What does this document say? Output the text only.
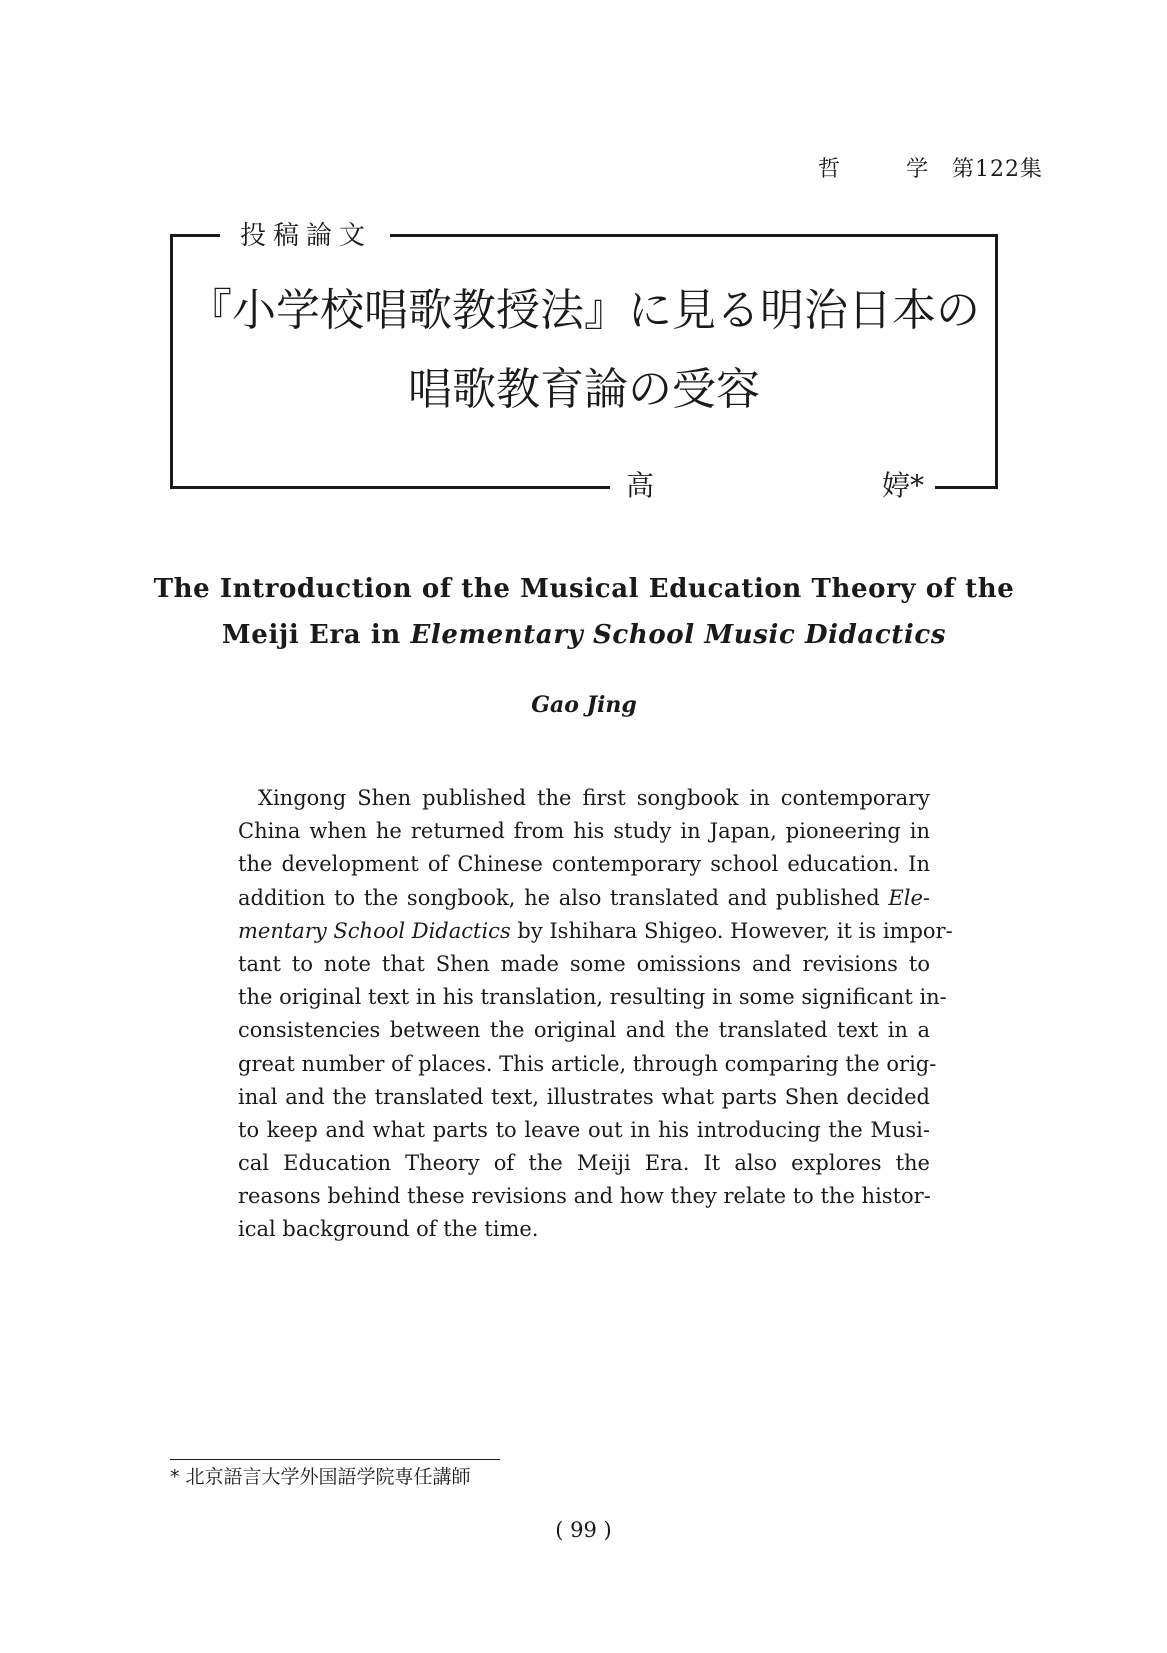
哲	学 第122集
投稿論文
『小学校唱歌教授法』に見る明治日本の
唱歌教育論の受容
高	婷*
The Introduction of the Musical Education Theory of the
Meiji Era in Elementary School Music Didactics
Gao Jing
Xingong Shen published the first songbook in contemporary
China when he returned from his study in Japan, pioneering in
the development of Chinese contemporary school education. In
addition to the songbook, he also translated and published Ele-
mentary School Didactics by Ishihara Shigeo. However, it is impor-
tant to note that Shen made some omissions and revisions to
the original text in his translation, resulting in some significant in-
consistencies between the original and the translated text in a
great number of places. This article, through comparing the orig-
inal and the translated text, illustrates what parts Shen decided
to keep and what parts to leave out in his introducing the Musi-
cal Education Theory of the Meiji Era. It also explores the
reasons behind these revisions and how they relate to the histor-
ical background of the time.
* 北京語言大学外国語学院専任講師
( 99 )
